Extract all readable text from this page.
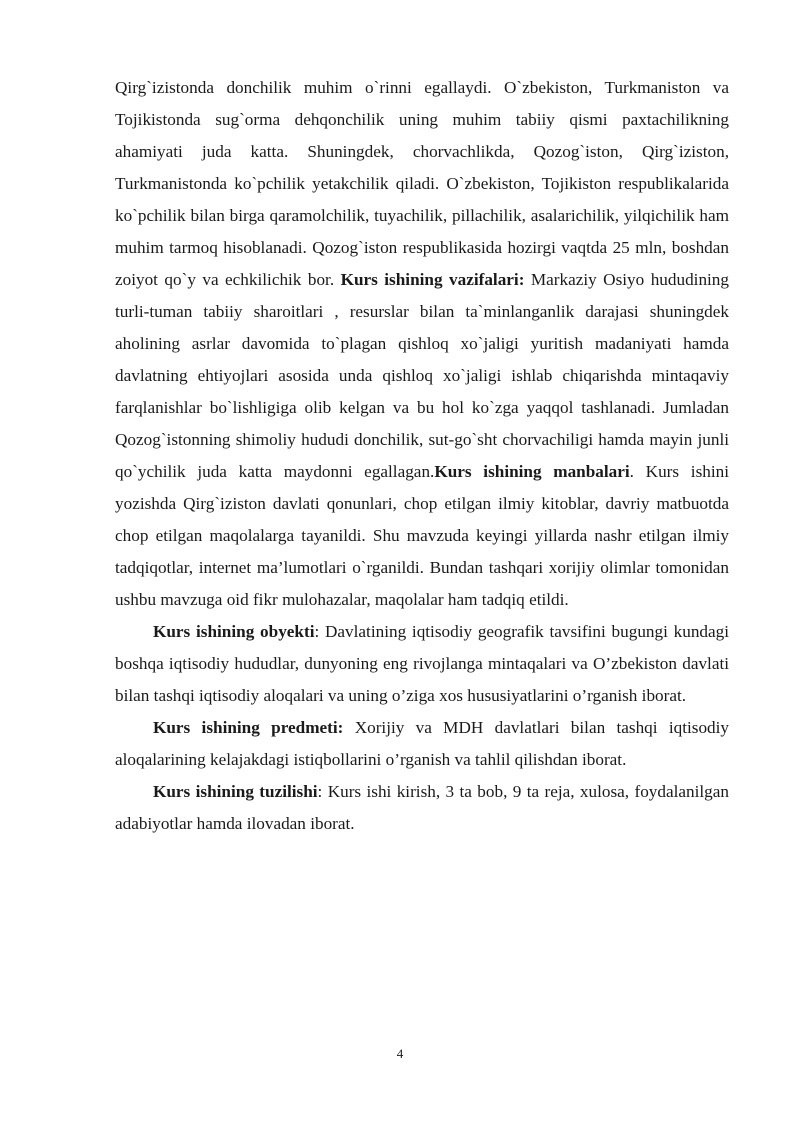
Qirg`izistonda donchilik muhim o`rinni egallaydi. O`zbekiston, Turkmaniston va Tojikistonda sug`orma dehqonchilik uning muhim tabiiy qismi paxtachilikning ahamiyati juda katta. Shuningdek, chorvachlikda, Qozog`iston, Qirg`iziston, Turkmanistonda ko`pchilik yetakchilik qiladi. O`zbekiston, Tojikiston respublikalarida ko`pchilik bilan birga qaramolchilik, tuyachilik, pillachilik, asalarichilik, yilqichilik ham muhim tarmoq hisoblanadi. Qozog`iston respublikasida hozirgi vaqtda 25 mln, boshdan zoiyot qo`y va echkilichik bor. Kurs ishining vazifalari: Markaziy Osiyo hududining turli-tuman tabiiy sharoitlari , resurslar bilan ta`minlanganlik darajasi shuningdek aholining asrlar davomida to`plagan qishloq xo`jaligi yuritish madaniyati hamda davlatning ehtiyojlari asosida unda qishloq xo`jaligi ishlab chiqarishda mintaqaviy farqlanishlar bo`lishligiga olib kelgan va bu hol ko`zga yaqqol tashlanadi. Jumladan Qozog`istonning shimoliy hududi donchilik, sut-go`sht chorvachiligi hamda mayin junli qo`ychilik juda katta maydonni egallagan.Kurs ishining manbalari. Kurs ishini yozishda Qirg`iziston davlati qonunlari, chop etilgan ilmiy kitoblar, davriy matbuotda chop etilgan maqolalarga tayanildi. Shu mavzuda keyingi yillarda nashr etilgan ilmiy tadqiqotlar, internet ma’lumotlari o`rganildi. Bundan tashqari xorijiy olimlar tomonidan ushbu mavzuga oid fikr mulohazalar, maqolalar ham tadqiq etildi.

Kurs ishining obyekti: Davlatining iqtisodiy geografik tavsifini bugungi kundagi boshqa iqtisodiy hududlar, dunyoning eng rivojlanga mintaqalari va O’zbekiston davlati bilan tashqi iqtisodiy aloqalari va uning o’ziga xos hususiyatlarini o’rganish iborat.

Kurs ishining predmeti: Xorijiy va MDH davlatlari bilan tashqi iqtisodiy aloqalarining kelajakdagi istiqbollarini o’rganish va tahlil qilishdan iborat.

Kurs ishining tuzilishi: Kurs ishi kirish, 3 ta bob, 9 ta reja, xulosa, foydalanilgan adabiyotlar hamda ilovadan iborat.

4
